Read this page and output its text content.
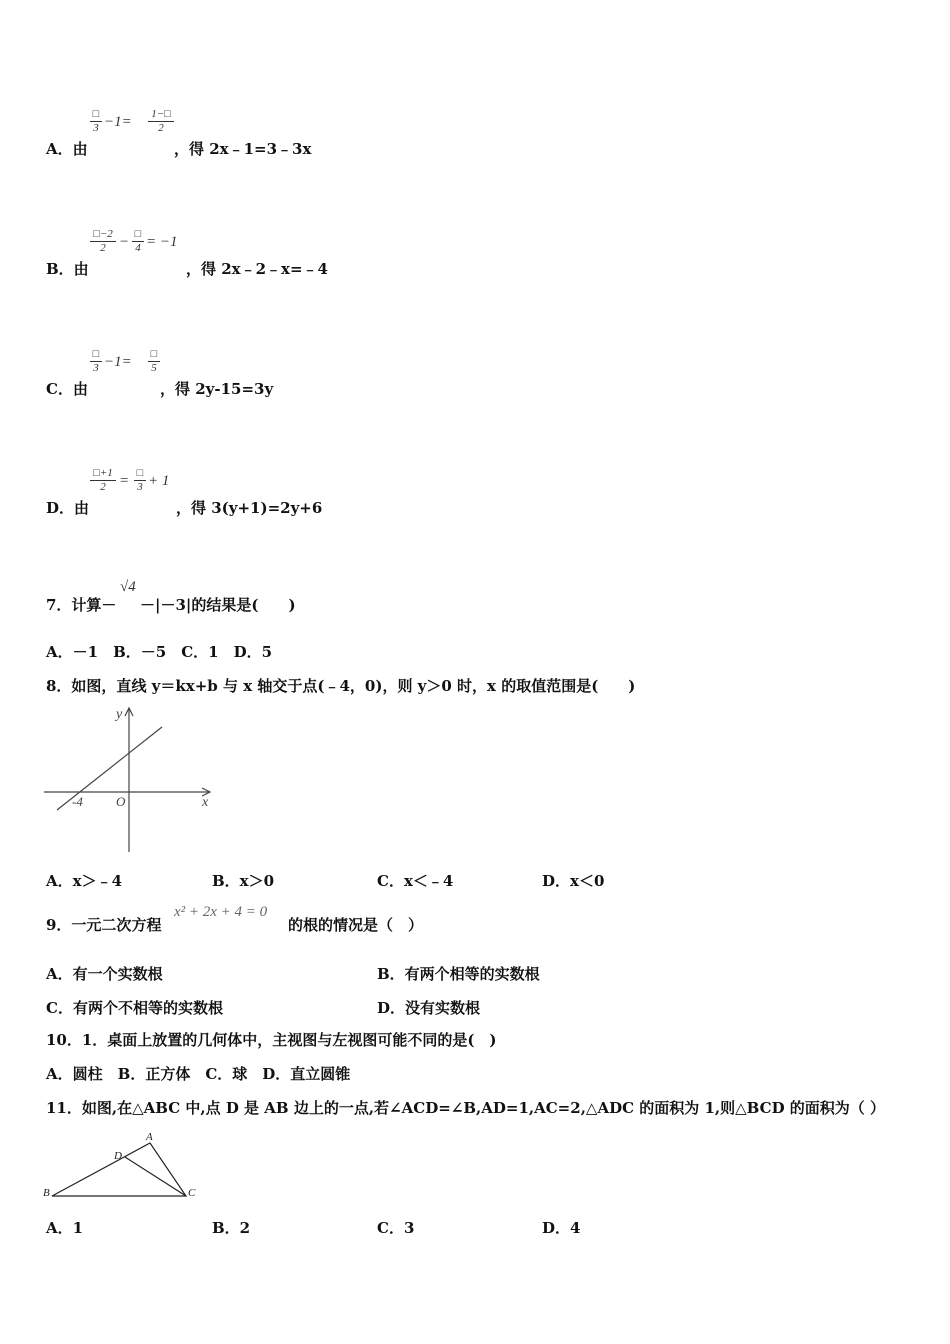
□
3 −1= 1−□
2
A．由	，得 2x﹣1=3﹣3x
□−2
2 − □
4 = −1
B．由	，得 2x﹣2﹣x=﹣4
□
3 −1= □
5
C．由	，得 2y-15=3y
□+1
2 = □
3 + 1
D．由	，得 3(y+1)=2y+6
7．计算－
√4
－|－3|的结果是(　　)
A．－1　B．－5　C．1　D．5
8．如图，直线 y＝kx+b 与 x 轴交于点(﹣4，0)，则 y＞0 时，x 的取值范围是(　　)
y
x
O
-4
A．x＞﹣4	B．x＞0	C．x＜﹣4	D．x＜0
9．一元二次方程
x² + 2x + 4 = 0
的根的情况是（　）
A．有一个实数根	B．有两个相等的实数根
C．有两个不相等的实数根	D．没有实数根
10．1．桌面上放置的几何体中，主视图与左视图可能不同的是(　)
A．圆柱　B．正方体　C．球　D．直立圆锥
11．如图,在△ABC 中,点 D 是 AB 边上的一点,若∠ACD=∠B,AD=1,AC=2,△ADC 的面积为 1,则△BCD 的面积为（ ）
A
D
B	C
A．1	B．2	C．3	D．4
